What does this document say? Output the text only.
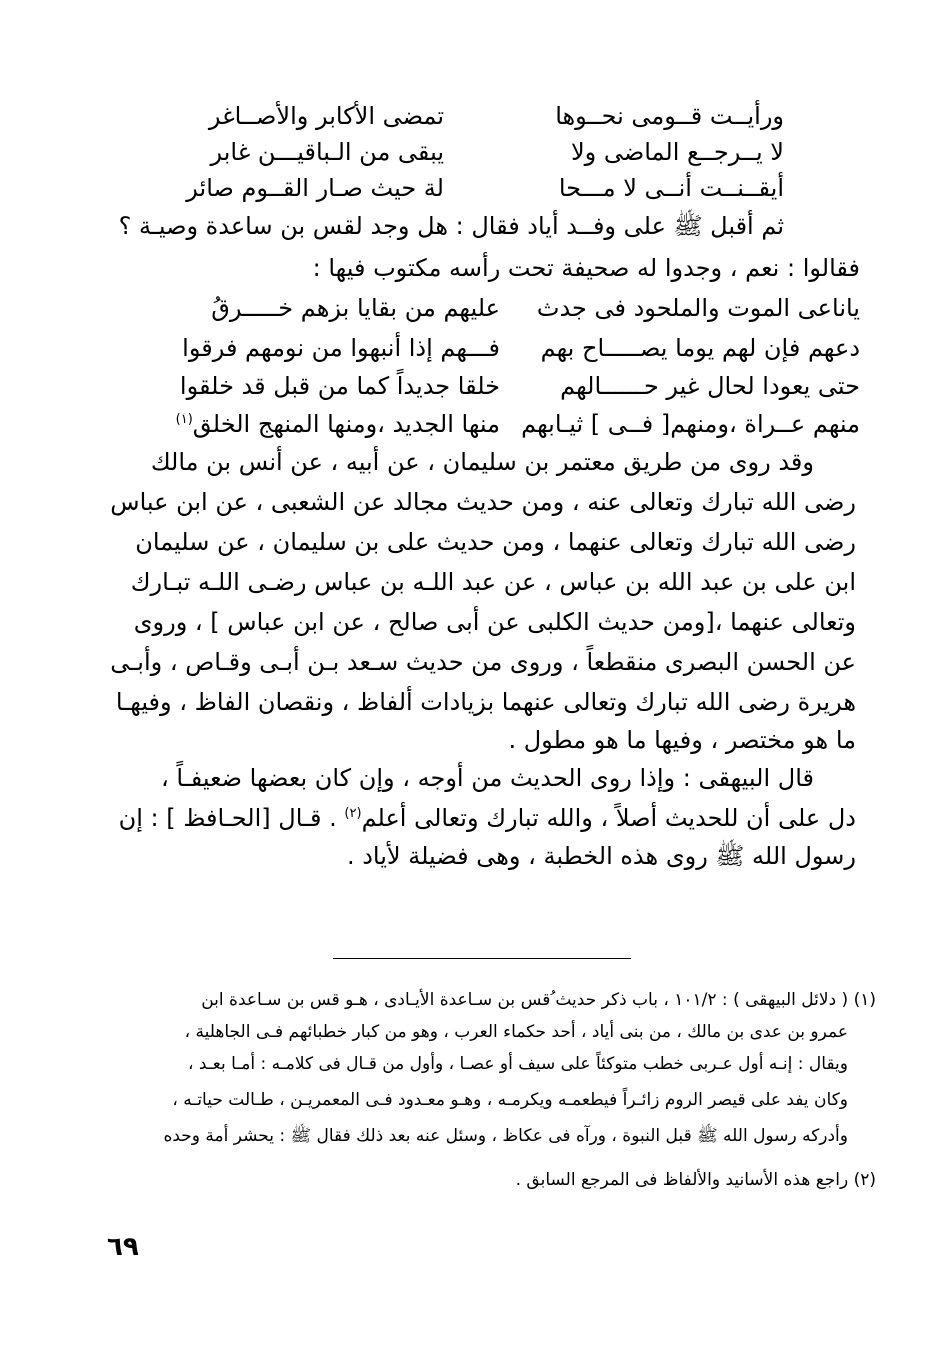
ورأيــت قــومى نحــوها
تمضى الأكابر والأصــاغر
لا يــرجــع الماضى ولا
يبقى من الـباقيـــن غابر
أيقــنــت أنــى لا مـــحا
لة حيث صـار القــوم صائر
ثم أقبل ﷺ على وفــد أياد فقال : هل وجد لقس بن ساعدة وصيـة ؟
فقالوا : نعم ، وجدوا له صحيفة تحت رأسه مكتوب فيها :
ياناعى الموت والملحود فى جدث
عليهم من بقايا بزهم خـــــرقُ
دعهم فإن لهم يوما يصـــــاح بهم
فـــهم إذا أنبهوا من نومهم فرقوا
حتى يعودا لحال غير حــــــالهم
خلقا جديداً كما من قبل قد خلقوا
منهم عــراة ،ومنهم[ فــى ] ثيـابهم
منها الجديد ،ومنها المنهج الخلق$^{(١)}$
وقد روى من طريق معتمر بن سليمان ، عن أبيه ، عن أنس بن مالك
رضى الله تبارك وتعالى عنه ، ومن حديث مجالد عن الشعبى ، عن ابن عباس
رضى الله تبارك وتعالى عنهما ، ومن حديث على بن سليمان ، عن سليمان
ابن على بن عبد الله بن عباس ، عن عبد اللـه بن عباس رضـى اللـه تبـارك
وتعالى عنهما ،[ومن حديث الكلبى عن أبى صالح ، عن ابن عباس ] ، وروى
عن الحسن البصرى منقطعاً ، وروى من حديث سـعد بـن أبـى وقـاص ، وأبـى
هريرة رضى الله تبارك وتعالى عنهما بزيادات ألفاظ ، ونقصان الفاظ ، وفيهـا
ما هو مختصر ، وفيها ما هو مطول .
قال البيهقى : وإذا روى الحديث من أوجه ، وإن كان بعضها ضعيفـاً ،
دل على أن للحديث أصلاً ، والله تبارك وتعالى أعلم$^{(٢)}$ . قـال [الحـافظ ] : إن
رسول الله ﷺ روى هذه الخطبة ، وهى فضيلة لأياد .
(١) ( دلائل البيهقى ) : ١٠١/٢ ، باب ذكر حديث ُقس بن سـاعدة الأيـادى ، هـو قس بن سـاعدة ابن
عمرو بن عدى بن مالك ، من بنى أياد ، أحد حكماء العرب ، وهو من كبار خطبائهم فـى الجاهلية ،
ويقال : إنـه أول عـربى خطب متوكئاً على سيف أو عصـا ، وأول من قـال فى كلامـه : أمـا بعـد ،
وكان يفد على قيصر الروم زائـراً فيطعمـه ويكرمـه ، وهـو معـدود فـى المعمريـن ، طـالت حياتـه ،
وأدركه رسول الله ﷺ قبل النبوة ، ورآه فى عكاظ ، وسئل عنه بعد ذلك فقال ﷺ : يحشر أمة وحده
(٢) راجع هذه الأسانيد والألفاظ فى المرجع السابق .
٦٩
